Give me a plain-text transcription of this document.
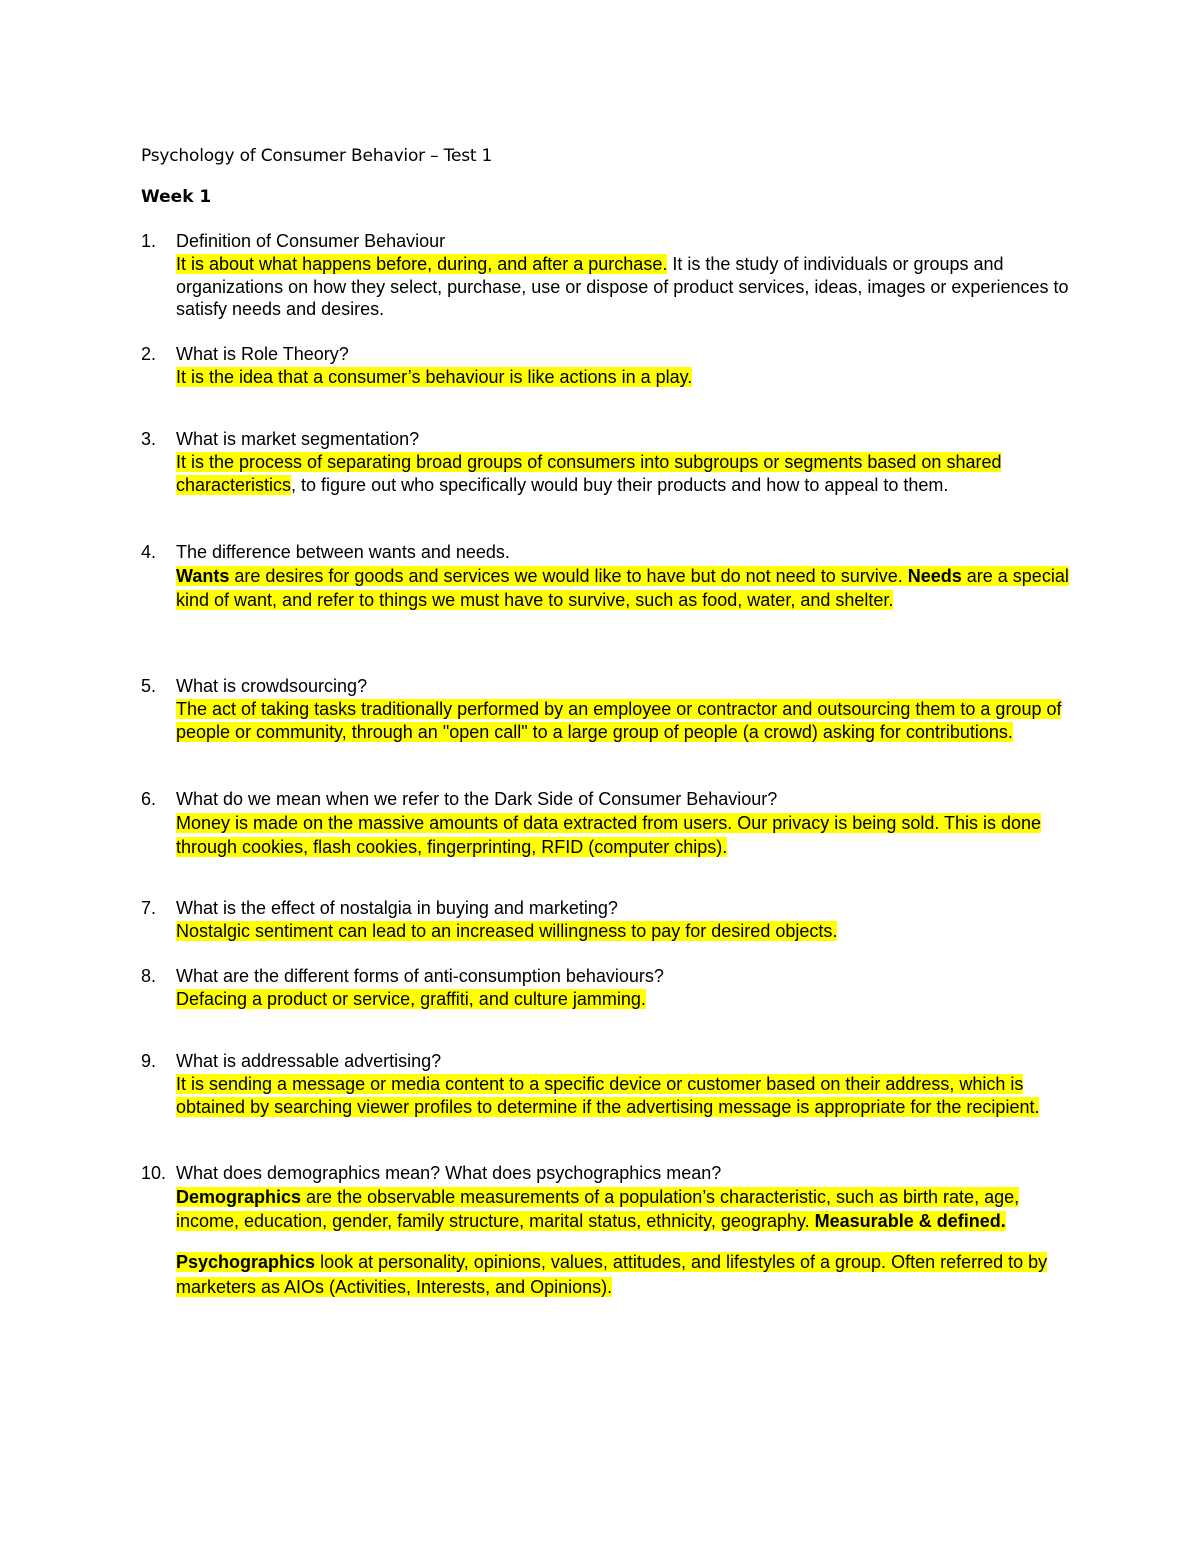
Psychology of Consumer Behavior – Test 1
Week 1
1.	Definition of Consumer Behaviour
It is about what happens before, during, and after a purchase. It is the study of individuals or groups and organizations on how they select, purchase, use or dispose of product services, ideas, images or experiences to satisfy needs and desires.
2.	What is Role Theory?
It is the idea that a consumer’s behaviour is like actions in a play.
3.	What is market segmentation?
It is the process of separating broad groups of consumers into subgroups or segments based on shared characteristics, to figure out who specifically would buy their products and how to appeal to them.
4.	The difference between wants and needs.
Wants are desires for goods and services we would like to have but do not need to survive. Needs are a special kind of want, and refer to things we must have to survive, such as food, water, and shelter.
5.	What is crowdsourcing?
The act of taking tasks traditionally performed by an employee or contractor and outsourcing them to a group of people or community, through an "open call" to a large group of people (a crowd) asking for contributions.
6.	What do we mean when we refer to the Dark Side of Consumer Behaviour?
Money is made on the massive amounts of data extracted from users. Our privacy is being sold. This is done through cookies, flash cookies, fingerprinting, RFID (computer chips).
7.	What is the effect of nostalgia in buying and marketing?
Nostalgic sentiment can lead to an increased willingness to pay for desired objects.
8.	What are the different forms of anti-consumption behaviours?
Defacing a product or service, graffiti, and culture jamming.
9.	What is addressable advertising?
It is sending a message or media content to a specific device or customer based on their address, which is obtained by searching viewer profiles to determine if the advertising message is appropriate for the recipient.
10. What does demographics mean? What does psychographics mean?

Demographics are the observable measurements of a population’s characteristic, such as birth rate, age, income, education, gender, family structure, marital status, ethnicity, geography. Measurable & defined.

Psychographics look at personality, opinions, values, attitudes, and lifestyles of a group. Often referred to by marketers as AIOs (Activities, Interests, and Opinions).
